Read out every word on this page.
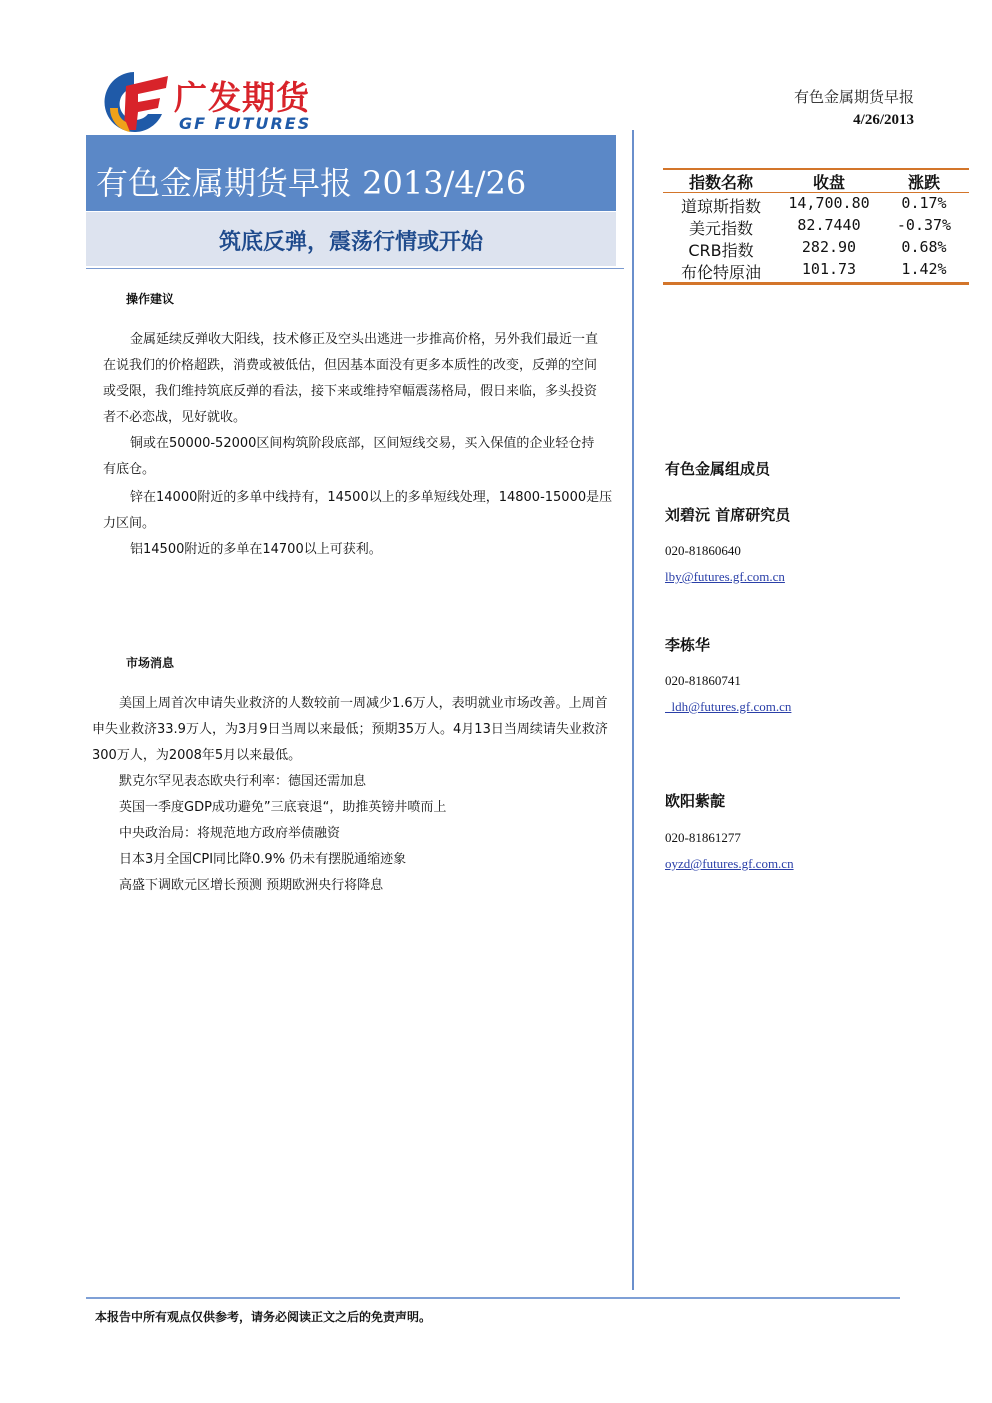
广发期货
GF FUTURES
有色金属期货早报
4/26/2013
有色金属期货早报 2013/4/26
筑底反弹，震荡行情或开始
指数名称	收盘	涨跌
道琼斯指数	14,700.80	0.17%
美元指数	82.7440	-0.37%
CRB指数	282.90	0.68%
布伦特原油	101.73	1.42%
操作建议
金属延续反弹收大阳线，技术修正及空头出逃进一步推高价格，另外我们最近一直
在说我们的价格超跌，消费或被低估，但因基本面没有更多本质性的改变，反弹的空间
或受限，我们维持筑底反弹的看法，接下来或维持窄幅震荡格局，假日来临，多头投资
者不必恋战，见好就收。
铜或在50000-52000区间构筑阶段底部，区间短线交易，买入保值的企业轻仓持
有底仓。
锌在14000附近的多单中线持有，14500以上的多单短线处理，14800-15000是压
力区间。
铝14500附近的多单在14700以上可获利。
市场消息
美国上周首次申请失业救济的人数较前一周减少1.6万人，表明就业市场改善。上周首
申失业救济33.9万人，为3月9日当周以来最低；预期35万人。4月13日当周续请失业救济
300万人，为2008年5月以来最低。
默克尔罕见表态欧央行利率：德国还需加息
英国一季度GDP成功避免”三底衰退“，助推英镑井喷而上
中央政治局：将规范地方政府举债融资
日本3月全国CPI同比降0.9% 仍未有摆脱通缩迹象
高盛下调欧元区增长预测 预期欧洲央行将降息
有色金属组成员
刘碧沅 首席研究员
020-81860640
lby@futures.gf.com.cn
李栋华
020-81860741
ldh@futures.gf.com.cn
欧阳紫靛
020-81861277
oyzd@futures.gf.com.cn
本报告中所有观点仅供参考，请务必阅读正文之后的免责声明。
